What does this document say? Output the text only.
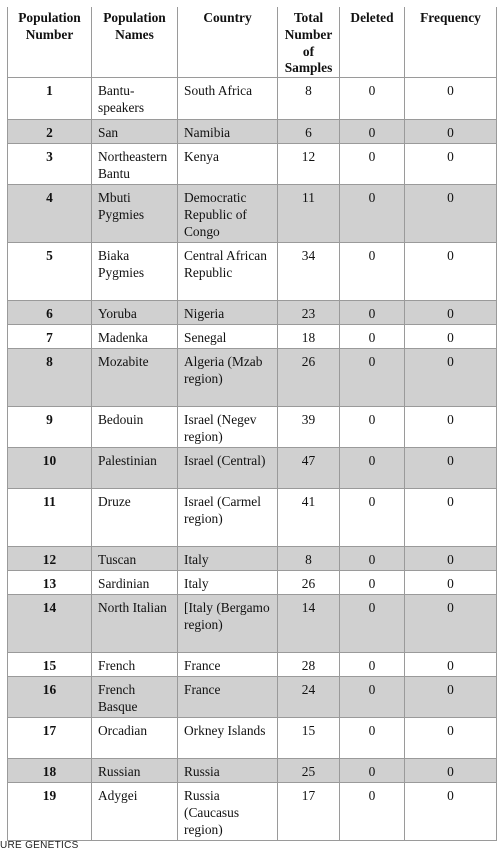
Population Number	Population Names	Country	Total Number of Samples	Deleted	Frequency
1	Bantu-speakers	South Africa	8	0	0
2	San	Namibia	6	0	0
3	Northeastern Bantu	Kenya	12	0	0
4	Mbuti Pygmies	Democratic Republic of Congo	11	0	0
5	Biaka Pygmies	Central African Republic	34	0	0
6	Yoruba	Nigeria	23	0	0
7	Madenka	Senegal	18	0	0
8	Mozabite	Algeria (Mzab region)	26	0	0
9	Bedouin	Israel (Negev region)	39	0	0
10	Palestinian	Israel (Central)	47	0	0
11	Druze	Israel (Carmel region)	41	0	0
12	Tuscan	Italy	8	0	0
13	Sardinian	Italy	26	0	0
14	North Italian	[Italy (Bergamo region)	14	0	0
15	French	France	28	0	0
16	French Basque	France	24	0	0
17	Orcadian	Orkney Islands	15	0	0
18	Russian	Russia	25	0	0
19	Adygei	Russia (Caucasus region)	17	0	0
URE GENETICS
